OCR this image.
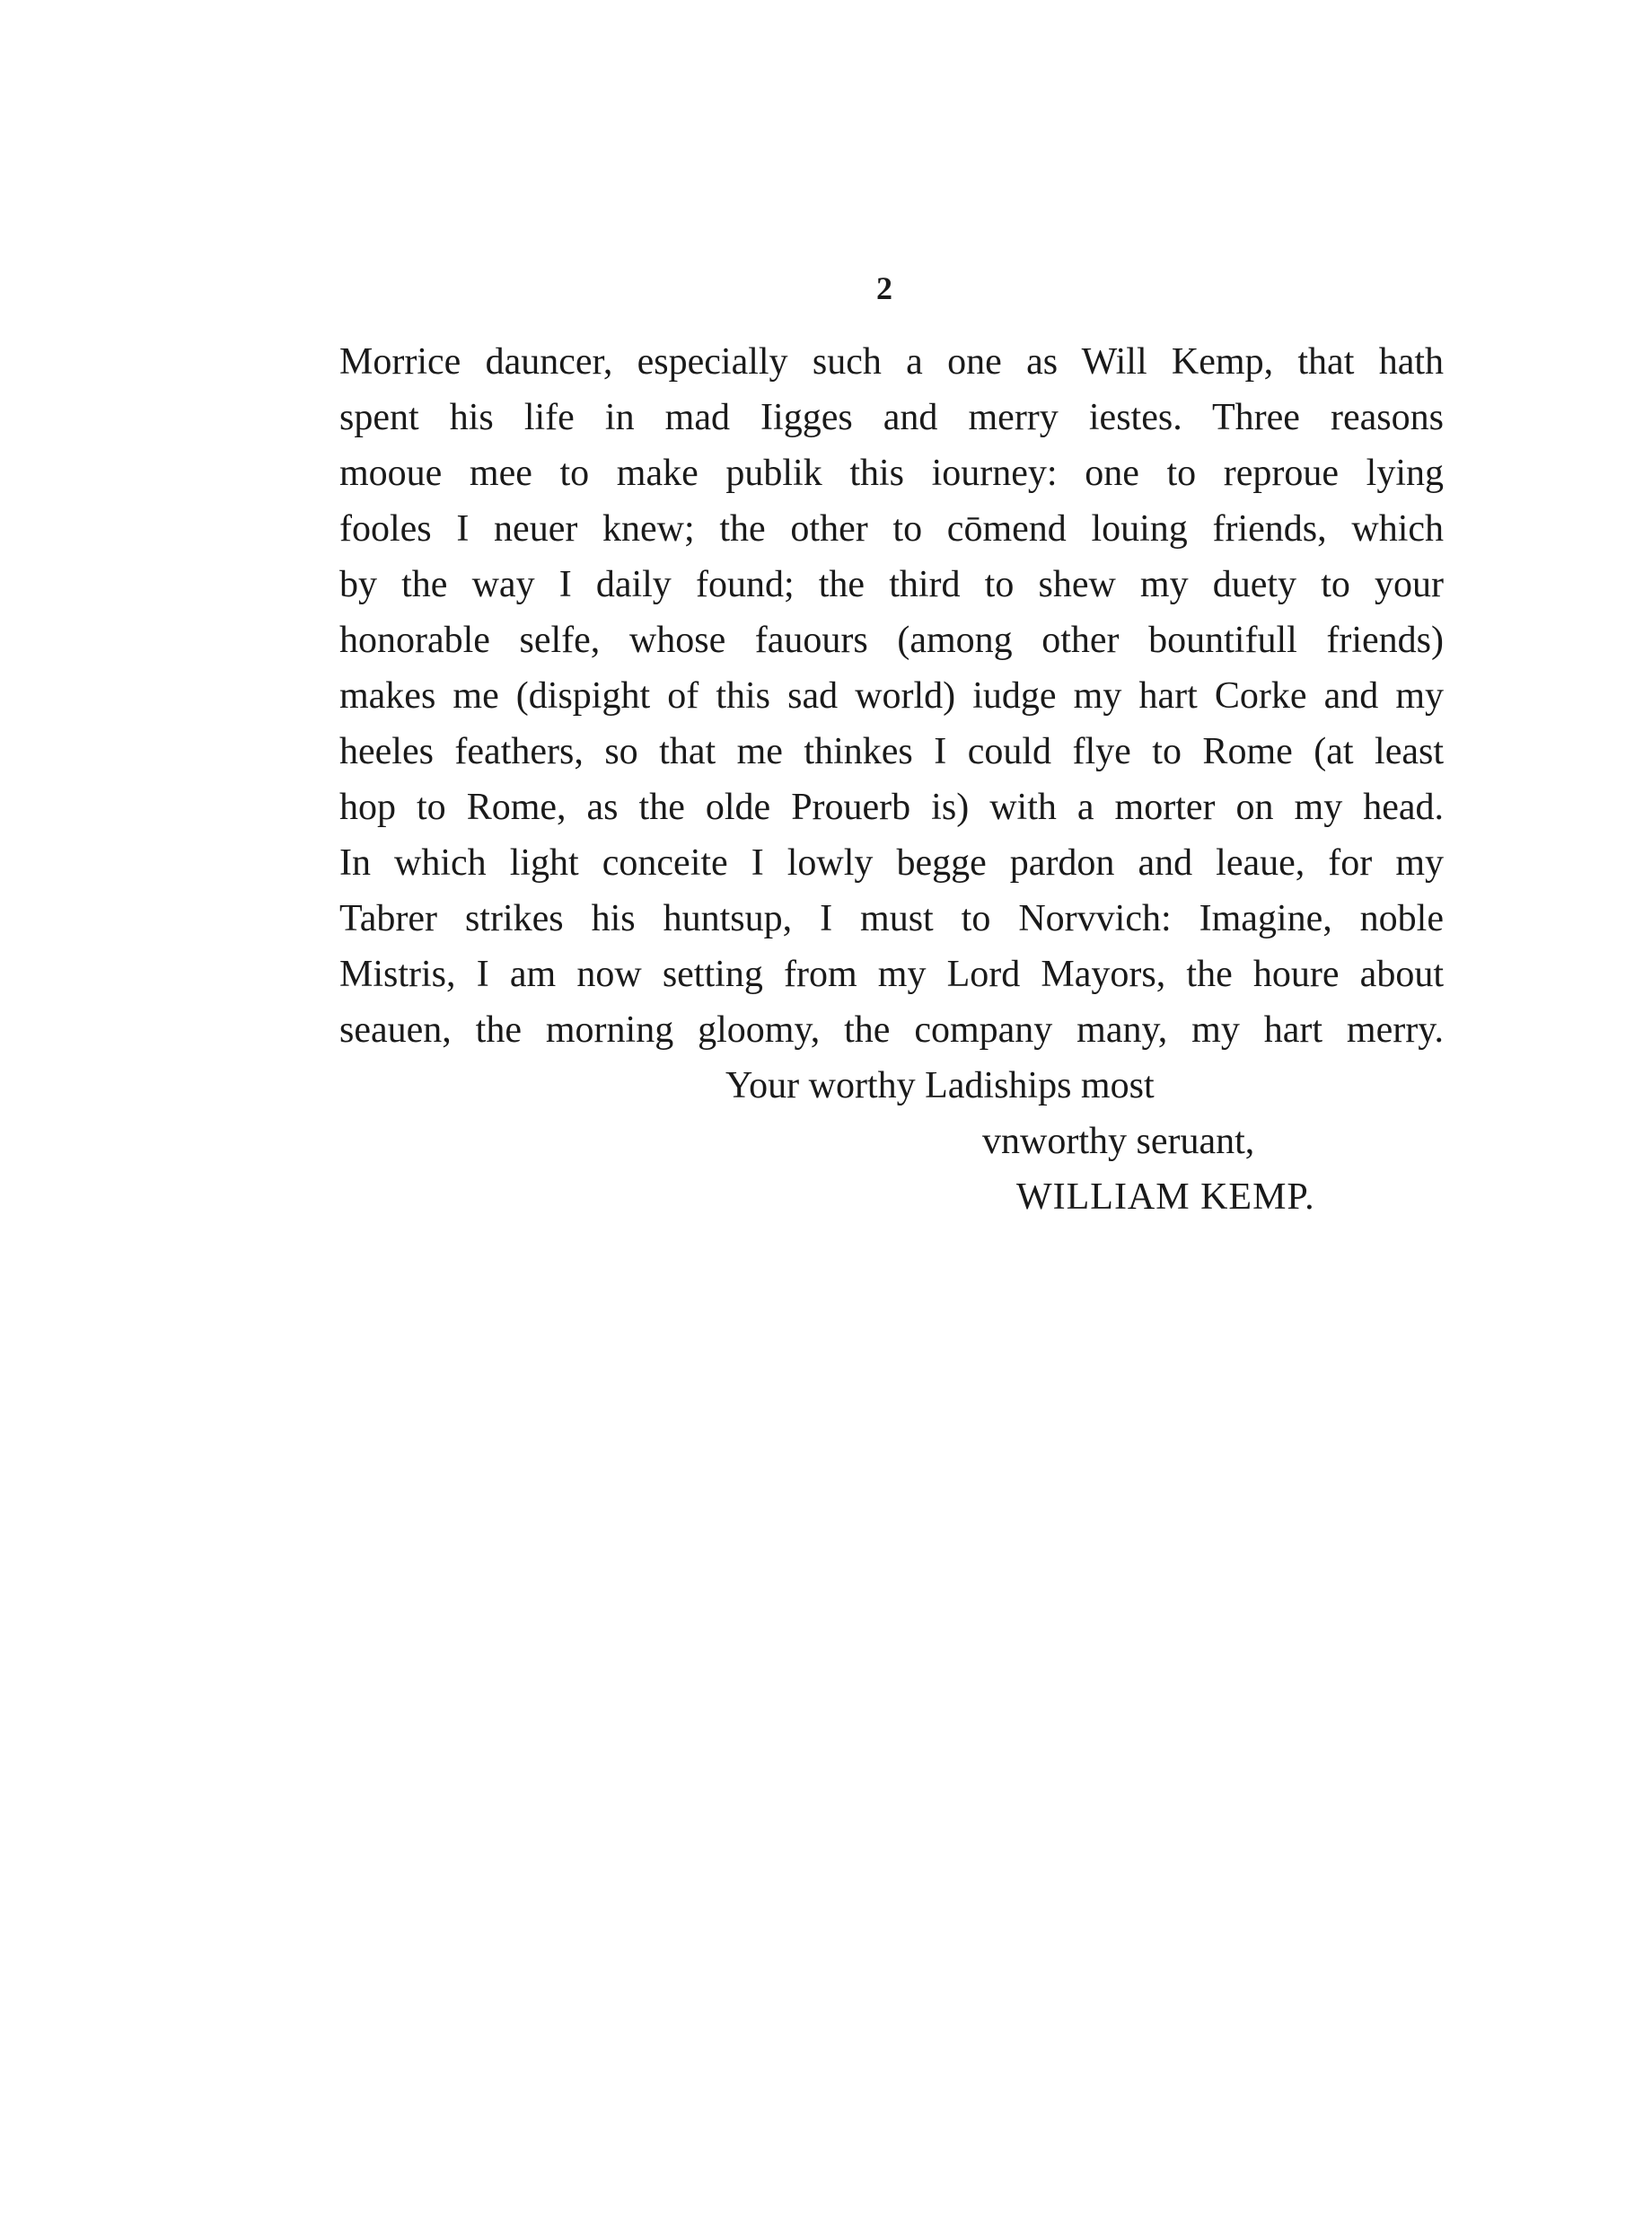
2
Morrice dauncer, especially such a one as Will Kemp, that hath
spent his life in mad Iigges and merry iestes. Three reasons
mooue mee to make publik this iourney: one to reproue lying
fooles I neuer knew; the other to cōmend louing friends, which
by the way I daily found; the third to shew my duety to your
honorable selfe, whose fauours (among other bountifull friends)
makes me (dispight of this sad world) iudge my hart Corke and my
heeles feathers, so that me thinkes I could flye to Rome (at least
hop to Rome, as the olde Prouerb is) with a morter on my head.
In which light conceite I lowly begge pardon and leaue, for my
Tabrer strikes his huntsup, I must to Norvvich: Imagine, noble
Mistris, I am now setting from my Lord Mayors, the houre about
seauen, the morning gloomy, the company many, my hart merry.
Your worthy Ladiships most
vnworthy seruant,
WILLIAM KEMP.
